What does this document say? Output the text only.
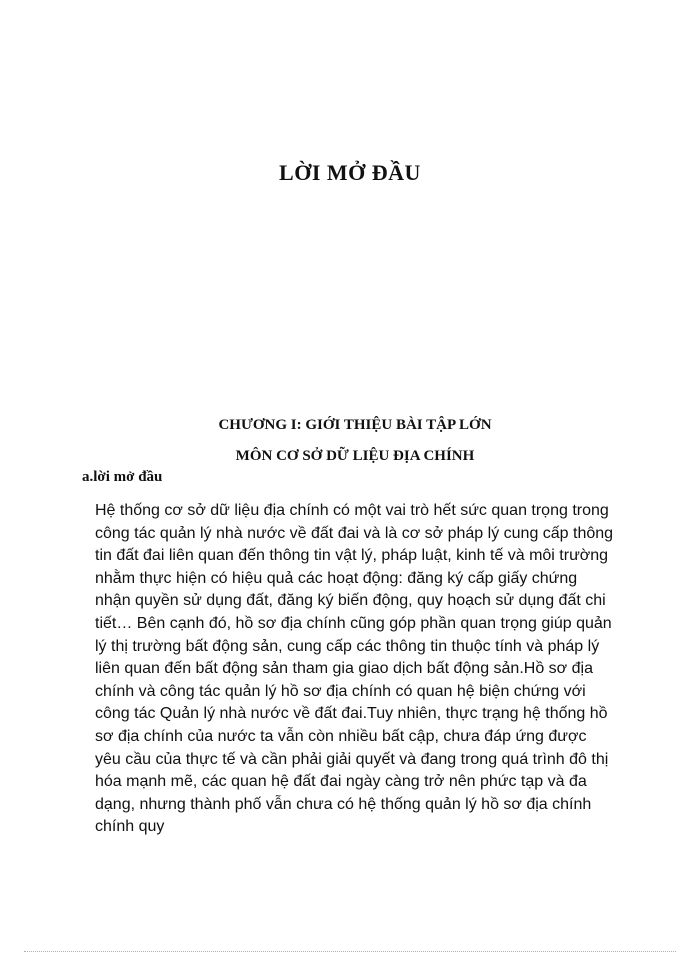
LỜI MỞ ĐẦU
CHƯƠNG I: GIỚI THIỆU BÀI TẬP LỚN
MÔN CƠ SỞ DỮ LIỆU ĐỊA CHÍNH
a.lời mở đầu
Hệ thống cơ sở dữ liệu địa chính có một vai trò hết sức quan trọng trong
công tác quản lý nhà nước về đất đai và là cơ sở pháp lý cung cấp thông
tin đất đai liên quan đến thông tin vật lý, pháp luật, kinh tế và môi trường
nhằm thực hiện có hiệu quả các hoạt động: đăng ký cấp giấy chứng
nhận quyền sử dụng đất, đăng ký biến động, quy hoạch sử dụng đất chi
tiết… Bên cạnh đó, hồ sơ địa chính cũng góp phần quan trọng giúp quản
lý thị trường bất động sản, cung cấp các thông tin thuộc tính và pháp lý
liên quan đến bất động sản tham gia giao dịch bất động sản.Hồ sơ địa
chính và công tác quản lý hồ sơ địa chính có quan hệ biện chứng với
công tác Quản lý nhà nước về đất đai.Tuy nhiên, thực trạng hệ thống hồ
sơ địa chính của nước ta vẫn còn nhiều bất cập, chưa đáp ứng được
yêu cầu của thực tế và cần phải giải quyết và đang trong quá trình đô thị
hóa mạnh mẽ, các quan hệ đất đai ngày càng trở nên phức tạp và đa
dạng, nhưng thành phố vẫn chưa có hệ thống quản lý hồ sơ địa chính
chính quy
